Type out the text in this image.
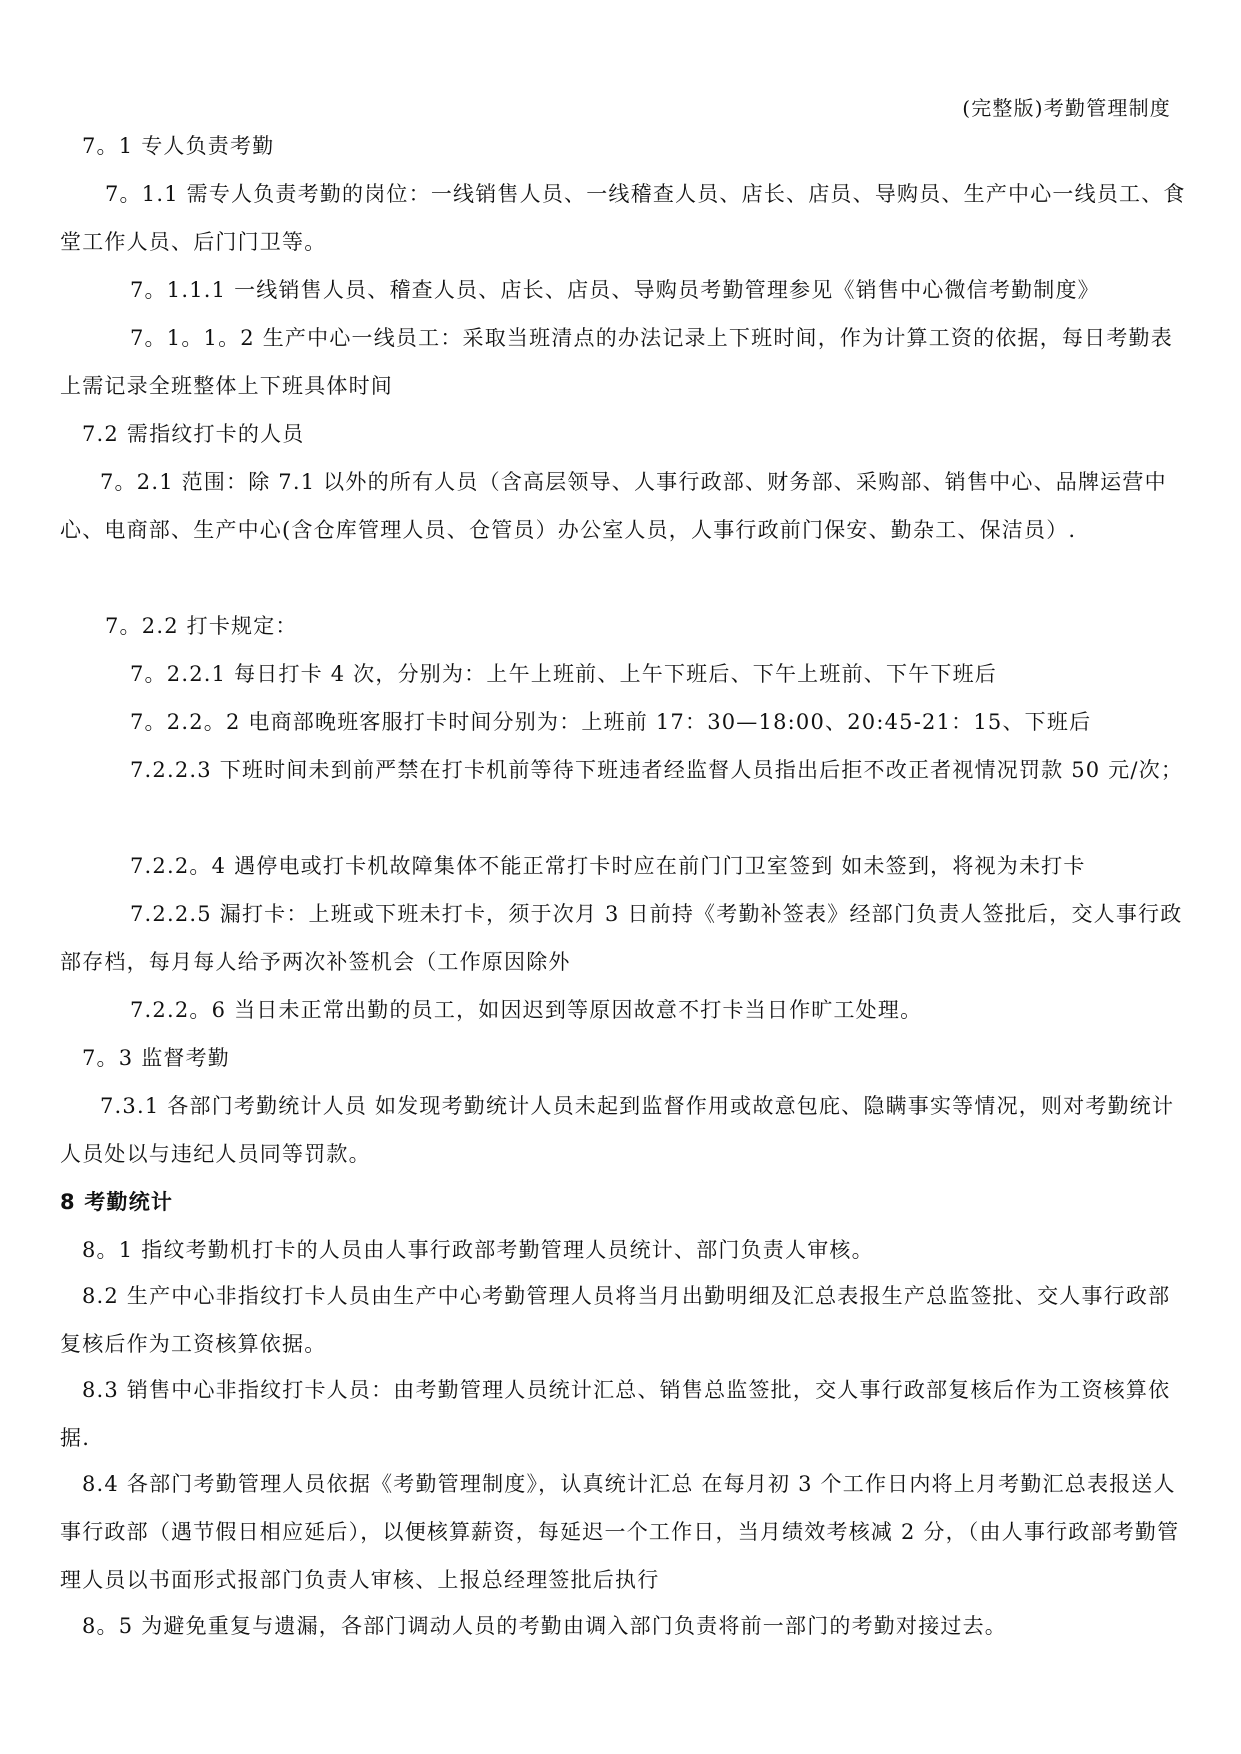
(完整版)考勤管理制度

7。1 专人负责考勤

7。1.1 需专人负责考勤的岗位：一线销售人员、一线稽查人员、店长、店员、导购员、生产中心一线员工、食堂工作人员、后门门卫等。

7。1.1.1 一线销售人员、稽查人员、店长、店员、导购员考勤管理参见《销售中心微信考勤制度》

7。1。1。2 生产中心一线员工：采取当班清点的办法记录上下班时间，作为计算工资的依据，每日考勤表上需记录全班整体上下班具体时间

7.2 需指纹打卡的人员

7。2.1 范围：除 7.1 以外的所有人员（含高层领导、人事行政部、财务部、采购部、销售中心、品牌运营中心、电商部、生产中心(含仓库管理人员、仓管员）办公室人员，人事行政前门保安、勤杂工、保洁员）.

7。2.2 打卡规定：

7。2.2.1 每日打卡 4 次，分别为：上午上班前、上午下班后、下午上班前、下午下班后

7。2.2。2 电商部晚班客服打卡时间分别为：上班前 17：30—18:00、20:45-21：15、下班后

7.2.2.3 下班时间未到前严禁在打卡机前等待下班违者经监督人员指出后拒不改正者视情况罚款 50 元/次；

7.2.2。4 遇停电或打卡机故障集体不能正常打卡时应在前门门卫室签到 如未签到，将视为未打卡

7.2.2.5 漏打卡：上班或下班未打卡，须于次月 3 日前持《考勤补签表》经部门负责人签批后，交人事行政部存档，每月每人给予两次补签机会（工作原因除外

7.2.2。6 当日未正常出勤的员工，如因迟到等原因故意不打卡当日作旷工处理。

7。3 监督考勤

7.3.1 各部门考勤统计人员 如发现考勤统计人员未起到监督作用或故意包庇、隐瞒事实等情况，则对考勤统计人员处以与违纪人员同等罚款。

8 考勤统计

8。1 指纹考勤机打卡的人员由人事行政部考勤管理人员统计、部门负责人审核。

8.2 生产中心非指纹打卡人员由生产中心考勤管理人员将当月出勤明细及汇总表报生产总监签批、交人事行政部复核后作为工资核算依据。

8.3 销售中心非指纹打卡人员：由考勤管理人员统计汇总、销售总监签批，交人事行政部复核后作为工资核算依据.

8.4 各部门考勤管理人员依据《考勤管理制度》，认真统计汇总 在每月初 3 个工作日内将上月考勤汇总表报送人事行政部（遇节假日相应延后），以便核算薪资，每延迟一个工作日，当月绩效考核减 2 分，（由人事行政部考勤管理人员以书面形式报部门负责人审核、上报总经理签批后执行

8。5 为避免重复与遗漏，各部门调动人员的考勤由调入部门负责将前一部门的考勤对接过去。
